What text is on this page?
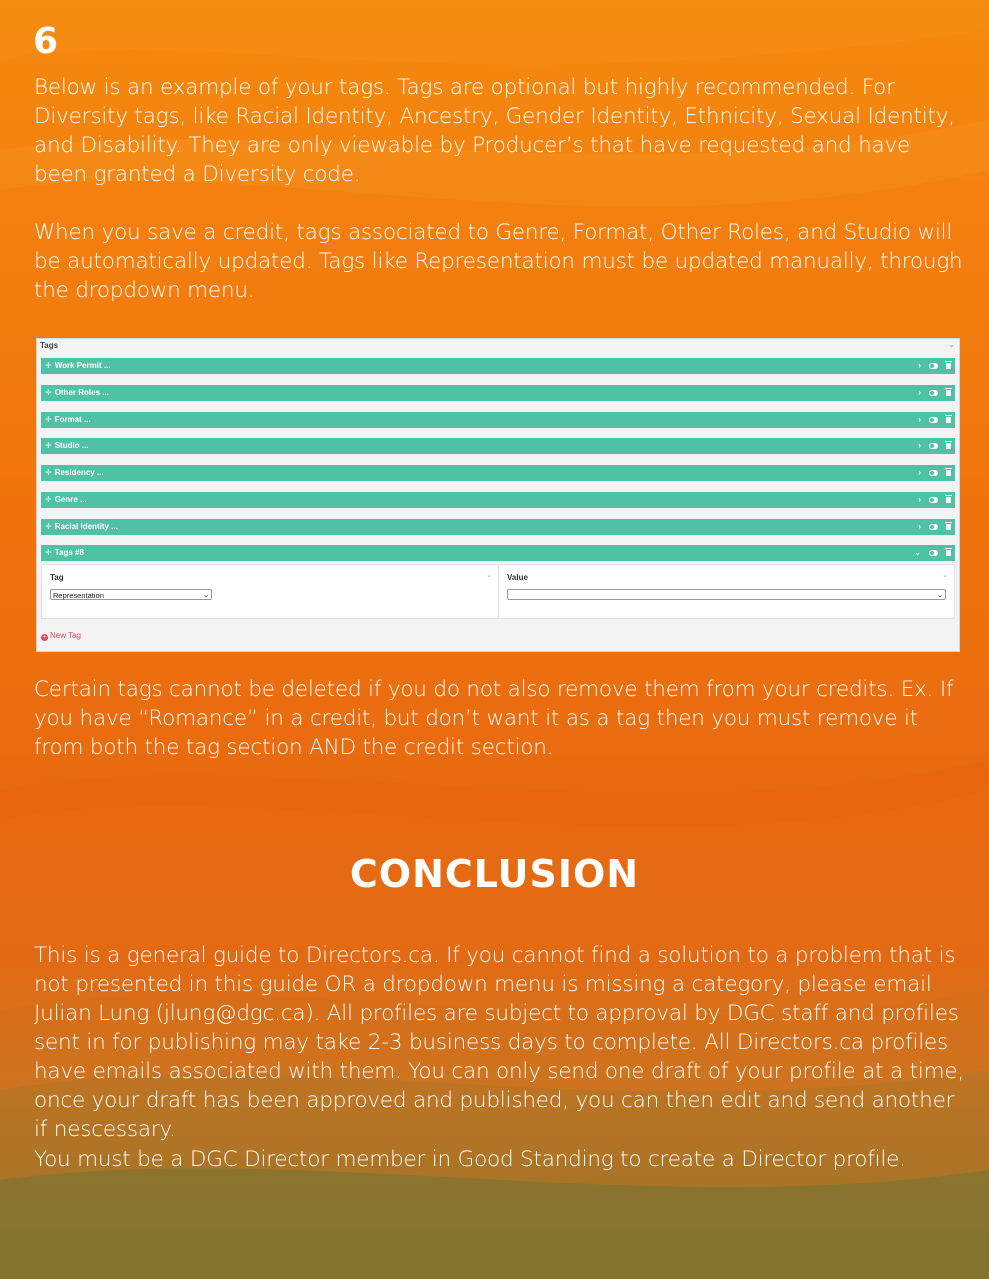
6

Below is an example of your tags. Tags are optional but highly recommended. For Diversity tags, like Racial Identity, Ancestry, Gender Identity, Ethnicity, Sexual Identity, and Disability. They are only viewable by Producer’s that have requested and have been granted a Diversity code.

When you save a credit, tags associated to Genre, Format, Other Roles, and Studio will be automatically updated. Tags like Representation must be updated manually, through the dropdown menu.

Tags	⌄
✛ Work Permit ...	›
✛ Other Roles ...	›
✛ Format ...	›
✛ Studio ...	›
✛ Residency ...	›
✛ Genre ...	›
✛ Racial Identity ...	›
✛ Tags #8	⌄
Tag	⌄
Representation	⌄
Value	⌄
⌄
+ New Tag

Certain tags cannot be deleted if you do not also remove them from your credits. Ex. If you have “Romance” in a credit, but don’t want it as a tag then you must remove it from both the tag section AND the credit section.

CONCLUSION

This is a general guide to Directors.ca. If you cannot find a solution to a problem that is not presented in this guide OR a dropdown menu is missing a category, please email Julian Lung (jlung@dgc.ca). All profiles are subject to approval by DGC staff and profiles sent in for publishing may take 2-3 business days to complete. All Directors.ca profiles have emails associated with them. You can only send one draft of your profile at a time, once your draft has been approved and published, you can then edit and send another if nescessary.

You must be a DGC Director member in Good Standing to create a Director profile.
